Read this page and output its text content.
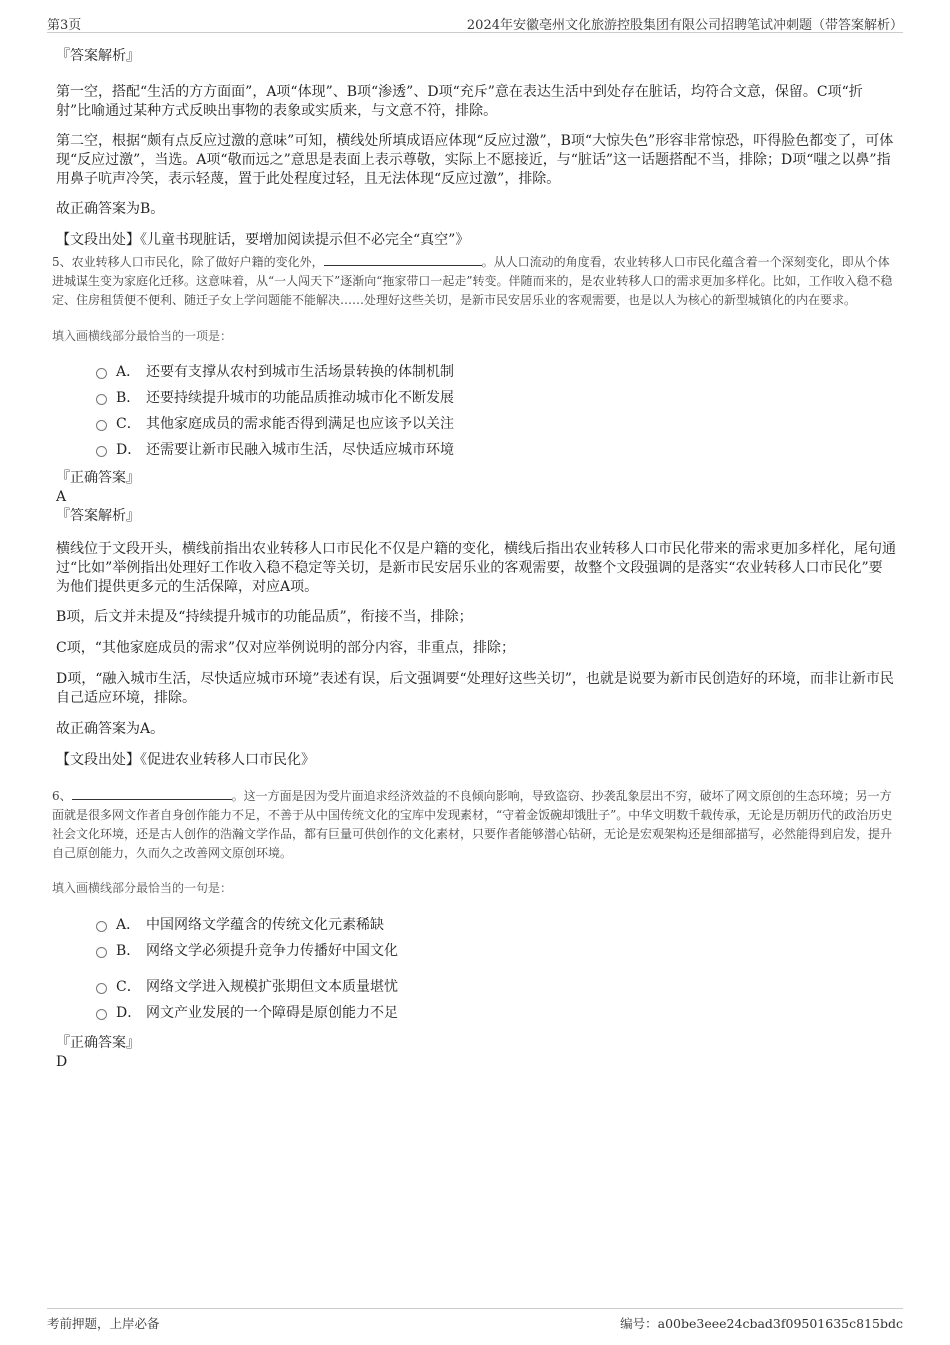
第3页	2024年安徽亳州文化旅游控股集团有限公司招聘笔试冲刺题（带答案解析）

『答案解析』

第一空，搭配“生活的方方面面”，A项“体现”、B项“渗透”、D项“充斥”意在表达生活中到处存在脏话，均符合文意，保留。C项“折射”比喻通过某种方式反映出事物的表象或实质来，与文意不符，排除。

第二空，根据“颇有点反应过激的意味”可知，横线处所填成语应体现“反应过激”，B项“大惊失色”形容非常惊恐，吓得脸色都变了，可体现“反应过激”，当选。A项“敬而远之”意思是表面上表示尊敬，实际上不愿接近，与“脏话”这一话题搭配不当，排除；D项“嗤之以鼻”指用鼻子吭声冷笑，表示轻蔑，置于此处程度过轻，且无法体现“反应过激”，排除。

故正确答案为B。

【文段出处】《儿童书现脏话，要增加阅读提示但不必完全“真空”》

5、农业转移人口市民化，除了做好户籍的变化外，	。从人口流动的角度看，农业转移人口市民化蕴含着一个深刻变化，即从个体进城谋生变为家庭化迁移。这意味着，从“一人闯天下”逐渐向“拖家带口一起走”转变。伴随而来的，是农业转移人口的需求更加多样化。比如，工作收入稳不稳定、住房租赁便不便利、随迁子女上学问题能不能解决……处理好这些关切，是新市民安居乐业的客观需要，也是以人为核心的新型城镇化的内在要求。

填入画横线部分最恰当的一项是：

A． 还要有支撑从农村到城市生活场景转换的体制机制
B． 还要持续提升城市的功能品质推动城市化不断发展
C． 其他家庭成员的需求能否得到满足也应该予以关注
D． 还需要让新市民融入城市生活，尽快适应城市环境

『正确答案』

A

『答案解析』

横线位于文段开头，横线前指出农业转移人口市民化不仅是户籍的变化，横线后指出农业转移人口市民化带来的需求更加多样化，尾句通过“比如”举例指出处理好工作收入稳不稳定等关切，是新市民安居乐业的客观需要，故整个文段强调的是落实“农业转移人口市民化”要为他们提供更多元的生活保障，对应A项。

B项，后文并未提及“持续提升城市的功能品质”，衔接不当，排除；

C项，“其他家庭成员的需求”仅对应举例说明的部分内容，非重点，排除；

D项，“融入城市生活，尽快适应城市环境”表述有误，后文强调要“处理好这些关切”，也就是说要为新市民创造好的环境，而非让新市民自己适应环境，排除。

故正确答案为A。

【文段出处】《促进农业转移人口市民化》

6、	。这一方面是因为受片面追求经济效益的不良倾向影响，导致盗窃、抄袭乱象层出不穷，破坏了网文原创的生态环境；另一方面就是很多网文作者自身创作能力不足，不善于从中国传统文化的宝库中发现素材，“守着金饭碗却饿肚子”。中华文明数千载传承，无论是历朝历代的政治历史社会文化环境，还是古人创作的浩瀚文学作品，都有巨量可供创作的文化素材，只要作者能够潜心钻研，无论是宏观架构还是细部描写，必然能得到启发，提升自己原创能力，久而久之改善网文原创环境。

填入画横线部分最恰当的一句是：

A． 中国网络文学蕴含的传统文化元素稀缺
B． 网络文学必须提升竞争力传播好中国文化
C． 网络文学进入规模扩张期但文本质量堪忧
D． 网文产业发展的一个障碍是原创能力不足

『正确答案』

D

考前押题，上岸必备	编号：a00be3eee24cbad3f09501635c815bdc
